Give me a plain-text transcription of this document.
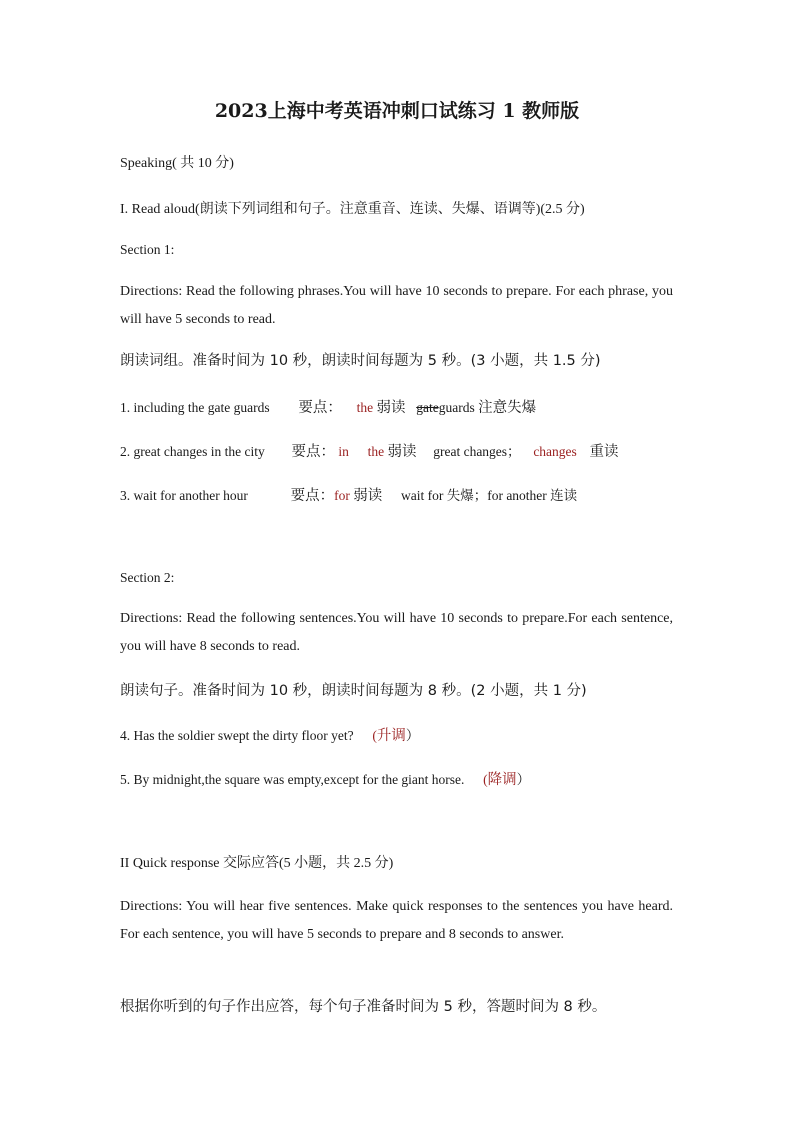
2023上海中考英语冲刺口试练习 1 教师版
Speaking( 共 10 分)
I. Read aloud(朗读下列词组和句子。注意重音、连读、失爆、语调等)(2.5 分)
Section 1:
Directions: Read the following phrases.You will have 10 seconds to prepare. For each phrase, you will have 5 seconds to read.
朗读词组。准备时间为 10 秒，朗读时间每题为 5 秒。(3 小题，共 1.5 分)
1. including the gate guards 要点： the 弱读 gateguards 注意失爆
2. great changes in the city 要点： in the 弱读 great changes； changes 重读
3. wait for another hour	要点：for 弱读 wait for 失爆；for another 连读
Section 2:
Directions: Read the following sentences.You will have 10 seconds to prepare.For each sentence, you will have 8 seconds to read.
朗读句子。准备时间为 10 秒，朗读时间每题为 8 秒。(2 小题，共 1 分)
4. Has the soldier swept the dirty floor yet? (升调）
5. By midnight,the square was empty,except for the giant horse. (降调）
II Quick response 交际应答(5 小题，共 2.5 分)
Directions: You will hear five sentences. Make quick responses to the sentences you have heard. For each sentence, you will have 5 seconds to prepare and 8 seconds to answer.
根据你听到的句子作出应答，每个句子准备时间为 5 秒，答题时间为 8 秒。
